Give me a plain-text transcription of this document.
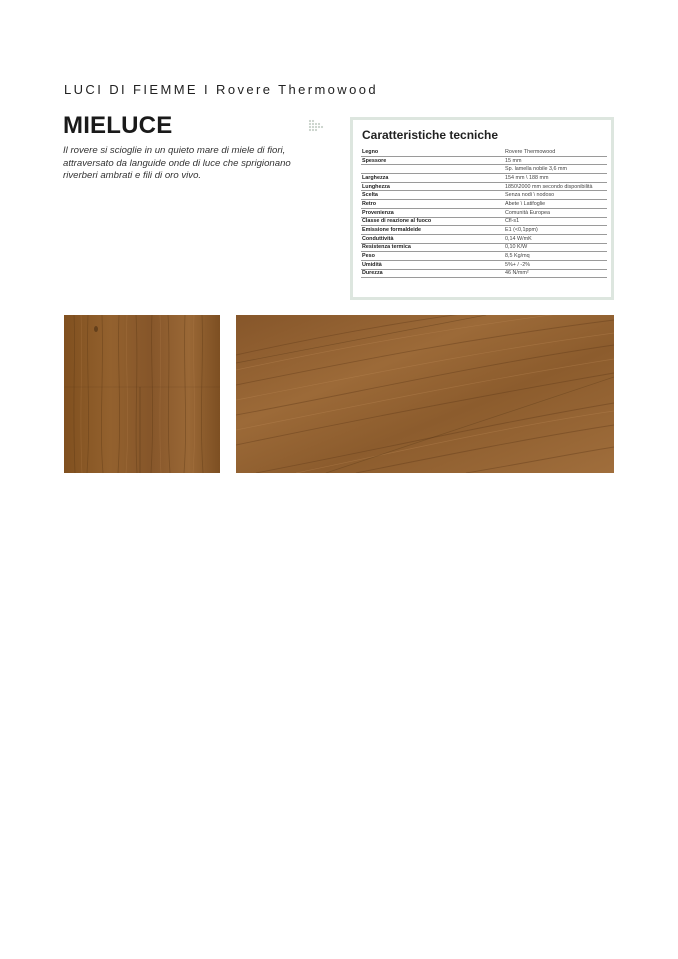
LUCI DI FIEMME I Rovere Thermowood
MIELUCE
Il rovere si scioglie in un quieto mare di miele di fiori, attraversato da languide onde di luce che sprigionano riverberi ambrati e fili di oro vivo.
Caratteristiche tecniche
Legno	Rovere Thermowood
Spessore	15 mm
	Sp. lamella nobile 3,6 mm
Larghezza	154 mm \ 188 mm
Lunghezza	1850\2000 mm secondo disponibilità
Scelta	Senza nodi \ nodoso
Retro	Abete \ Latifoglie
Provenienza	Comunità Europea
Classe di reazione al fuoco	Cfl-s1
Emissione formaldeide	E1 (<0,1ppm)
Conduttività	0,14 W/mK
Resistenza termica	0,10 K/W
Peso	8,5 Kg/mq
Umidità	5%+ / -2%
Durezza	46 N/mm²
